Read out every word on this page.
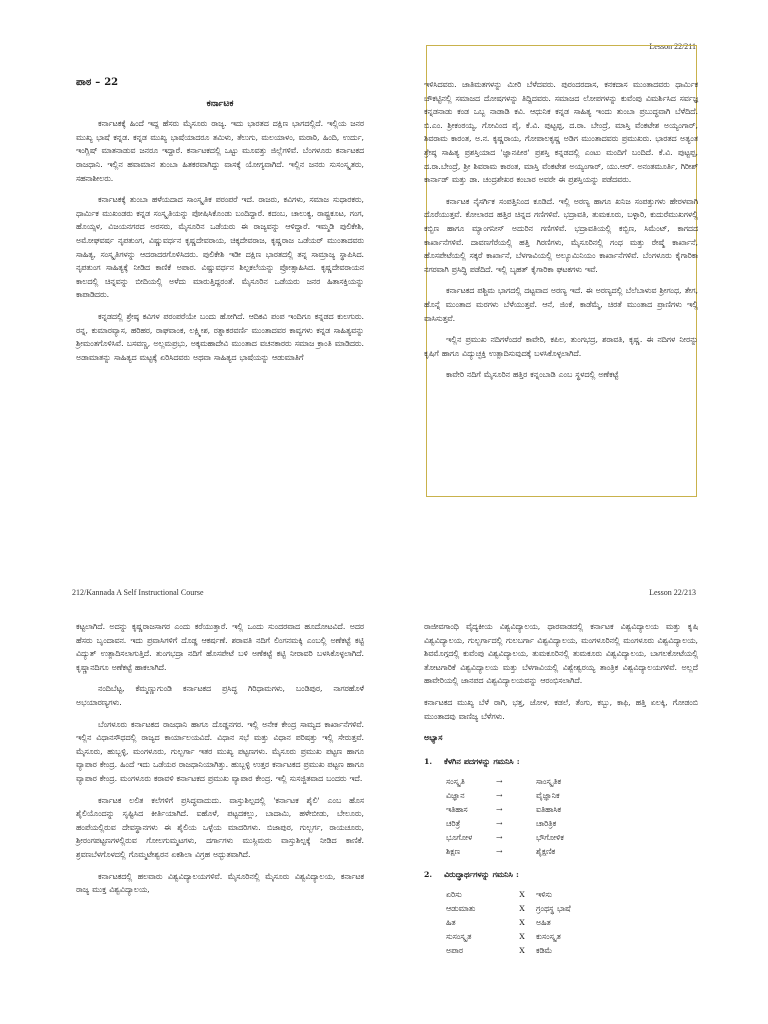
Lesson 22/211
212/Kannada A Self Instructional Course	Lesson 22/213
ಪಾಠ – 22
ಕರ್ನಾಟಕ

ಕರ್ನಾಟಕಕ್ಕೆ ಹಿಂದೆ ಇದ್ದ ಹೆಸರು ಮೈಸೂರು ರಾಜ್ಯ. ಇದು ಭಾರತದ ದಕ್ಷಿಣ ಭಾಗದಲ್ಲಿದೆ. ಇಲ್ಲಿಯ ಜನರ ಮುಖ್ಯ ಭಾಷೆ ಕನ್ನಡ. ಕನ್ನಡ ಮುಖ್ಯ ಭಾಷೆಯಾದರೂ ತಮಿಳು, ತೆಲುಗು, ಮಲಯಾಳಂ, ಮರಾಠಿ, ಹಿಂದಿ, ಉರ್ದು, ಇಂಗ್ಲಿಷ್ ಮಾತನಾಡುವ ಜನರೂ ಇದ್ದಾರೆ. ಕರ್ನಾಟಕದಲ್ಲಿ ಒಟ್ಟು ಮೂವತ್ತು ಜಿಲ್ಲೆಗಳಿವೆ. ಬೆಂಗಳೂರು ಕರ್ನಾಟಕದ ರಾಜಧಾನಿ. ಇಲ್ಲಿನ ಹವಾಮಾನ ತುಂಬಾ ಹಿತಕರವಾಗಿದ್ದು ವಾಸಕ್ಕೆ ಯೋಗ್ಯವಾಗಿದೆ. ಇಲ್ಲಿನ ಜನರು ಸುಸಂಸ್ಕೃತರು, ಸಹನಾಶೀಲರು.

ಕರ್ನಾಟಕಕ್ಕೆ ತುಂಬಾ ಹಳೆಯದಾದ ಸಾಂಸ್ಕೃತಿಕ ಪರಂಪರೆ ಇದೆ. ರಾಜರು, ಕವಿಗಳು, ಸಮಾಜ ಸುಧಾರಕರು, ಧಾರ್ಮಿಕ ಮುಖಂಡರು ಕನ್ನಡ ಸಂಸ್ಕೃತಿಯನ್ನು ಪೋಷಿಸಿಕೊಂಡು ಬಂದಿದ್ದಾರೆ. ಕದಂಬ, ಚಾಲುಕ್ಯ, ರಾಷ್ಟ್ರಕೂಟ, ಗಂಗ, ಹೊಯ್ಸಳ, ವಿಜಯನಗರದ ಅರಸರು, ಮೈಸೂರಿನ ಒಡೆಯರು ಈ ರಾಜ್ಯವನ್ನು ಆಳಿದ್ದಾರೆ. ಇಮ್ಮಡಿ ಪುಲಿಕೇಶಿ, ಅಮೋಘವರ್ಷ ನೃಪತುಂಗ, ವಿಷ್ಣುವರ್ಧನ ಕೃಷ್ಣದೇವರಾಯ, ಚಿಕ್ಕದೇವರಾಜ, ಕೃಷ್ಣರಾಜ ಒಡೆಯರ್ ಮುಂತಾದವರು ಸಾಹಿತ್ಯ, ಸಂಸ್ಕೃತಿಗಳನ್ನು ಆದರಾದರಗೊಳಿಸಿದರು. ಪುಲಿಕೇಶಿ ಇಡೀ ದಕ್ಷಿಣ ಭಾರತದಲ್ಲಿ ತನ್ನ ಸಾಮ್ರಾಜ್ಯ ಸ್ಥಾಪಿಸಿದ. ನೃಪತುಂಗ ಸಾಹಿತ್ಯಕ್ಕೆ ನೀಡಿದ ಕಾಣಿಕೆ ಅಪಾರ. ವಿಷ್ಣುವರ್ಧನ ಶಿಲ್ಪಕಲೆಯನ್ನು ಪ್ರೋತ್ಸಾಹಿಸಿದ. ಕೃಷ್ಣದೇವರಾಯನ ಕಾಲದಲ್ಲಿ ಚಿನ್ನವನ್ನು ಬೀದಿಯಲ್ಲಿ ಅಳೆದು ಮಾರುತ್ತಿದ್ದರಂತೆ. ಮೈಸೂರಿನ ಒಡೆಯರು ಜನರ ಹಿತಾಸಕ್ತಿಯನ್ನು ಕಾಪಾಡಿದರು.

ಕನ್ನಡದಲ್ಲಿ ಶ್ರೇಷ್ಠ ಕವಿಗಳ ಪರಂಪರೆಯೇ ಬಂದು ಹೋಗಿದೆ. ಆದಿಕವಿ ಪಂಪ ಇಂದಿಗೂ ಕನ್ನಡದ ಕುಲಗುರು. ರನ್ನ, ಕುಮಾರವ್ಯಾಸ, ಹರಿಹರ, ರಾಘವಾಂಕ, ಲಕ್ಷ್ಮೀಶ, ರತ್ನಾಕರವರ್ಣಿ ಮುಂತಾದವರ ಕಾವ್ಯಗಳು ಕನ್ನಡ ಸಾಹಿತ್ಯವನ್ನು ಶ್ರೀಮಂತಗೊಳಿಸಿವೆ. ಬಸವಣ್ಣ, ಅಲ್ಲಮಪ್ರಭು, ಅಕ್ಕಮಹಾದೇವಿ ಮುಂತಾದ ವಚನಕಾರರು ಸಮಾಜ ಕ್ರಾಂತಿ ಮಾಡಿದರು. ಅಡಾಮಾತನ್ನು ಸಾಹಿತ್ಯದ ಮಟ್ಟಕ್ಕೆ ಏರಿಸಿದವರು ಅಥವಾ ಸಾಹಿತ್ಯದ ಭಾಷೆಯನ್ನು ಆಡುಮಾತಿಗೆ

ಇಳಿಸಿದವರು. ಜಾತಿಮತಗಳನ್ನು ಮೀರಿ ಬೆಳೆದವರು. ಪುರಂದರದಾಸ, ಕನಕದಾಸ ಮುಂತಾದವರು ಧಾರ್ಮಿಕ ಚೌಕಟ್ಟಿನಲ್ಲಿ ಸಮಾಜದ ದೋಷಗಳನ್ನು ತಿದ್ದಿದವರು. ಸಮಾಜದ ಲೋಪಗಳನ್ನು ಕುವೆಂಪು ವಿಮರ್ಶಿಸಿದ ಸರ್ವಜ್ಞ ಕನ್ನಡನಾಡು ಕಂಡ ಒಬ್ಬ ನಾಡಾಡಿ ಕವಿ. ಆಧುನಿಕ ಕನ್ನಡ ಸಾಹಿತ್ಯ ಇಂದು ತುಂಬಾ ಪ್ರಬುದ್ಧವಾಗಿ ಬೆಳೆದಿದೆ. ಬಿ.ಎಂ. ಶ್ರೀಕಂಠಯ್ಯ, ಗೋವಿಂದ ಪೈ, ಕೆ.ವಿ. ಪುಟ್ಟಪ್ಪ, ದ.ರಾ. ಬೇಂದ್ರೆ, ಮಾಸ್ತಿ ವೆಂಕಟೇಶ ಅಯ್ಯಂಗಾರ್, ಶಿವರಾಮ ಕಾರಂತ, ಅ.ನ. ಕೃಷ್ಣರಾಯ, ಗೋಪಾಲಕೃಷ್ಣ ಅಡಿಗ ಮುಂತಾದವರು ಪ್ರಮುಖರು. ಭಾರತದ ಅತ್ಯಂತ ಶ್ರೇಷ್ಠ ಸಾಹಿತ್ಯ ಪ್ರಶಸ್ತಿಯಾದ 'ಜ್ಞಾನಪೀಠ' ಪ್ರಶಸ್ತಿ ಕನ್ನಡದಲ್ಲಿ ಎಂಟು ಮಂದಿಗೆ ಬಂದಿದೆ. ಕೆ.ವಿ. ಪುಟ್ಟಪ್ಪ, ದ.ರಾ.ಬೇಂದ್ರೆ, ಶ್ರೀ ಶಿವರಾಮ ಕಾರಂತ, ಮಾಸ್ತಿ ವೆಂಕಟೇಶ ಅಯ್ಯಂಗಾರ್, ಯು.ಆರ್. ಅನಂತಮೂರ್ತಿ, ಗಿರೀಶ್ ಕಾರ್ನಾಡ್ ಮತ್ತು ಡಾ. ಚಂದ್ರಶೇಖರ ಕಂಬಾರ ಅವರೇ ಈ ಪ್ರಶಸ್ತಿಯನ್ನು ಪಡೆದವರು.

ಕರ್ನಾಟಕ ನೈಸರ್ಗಿಕ ಸಂಪತ್ತಿನಿಂದ ಕೂಡಿದೆ. ಇಲ್ಲಿ ಅರಣ್ಯ ಹಾಗೂ ಖನಿಜ ಸಂಪತ್ತುಗಳು ಹೇರಳವಾಗಿ ದೊರೆಯುತ್ತವೆ. ಕೋಲಾರದ ಹತ್ತಿರ ಚಿನ್ನದ ಗಣಿಗಳಿವೆ. ಭದ್ರಾವತಿ, ತುಮಕೂರು, ಬಳ್ಳಾರಿ, ಕುದುರೆಮುಖಗಳಲ್ಲಿ ಕಬ್ಬಿಣ ಹಾಗೂ ಮ್ಯಾಂಗನೀಸ್ ಅದುರಿನ ಗಣಿಗಳಿವೆ. ಭದ್ರಾವತಿಯಲ್ಲಿ ಕಬ್ಬಿಣ, ಸಿಮೆಂಟ್, ಕಾಗದದ ಕಾರ್ಖಾನೆಗಳಿವೆ. ದಾವಣಗೆರೆಯಲ್ಲಿ ಹತ್ತಿ ಗಿರಣಿಗಳು, ಮೈಸೂರಿನಲ್ಲಿ ಗಂಧ ಮತ್ತು ರೇಷ್ಮೆ ಕಾರ್ಖಾನೆ, ಹೊಸಪೇಟೆಯಲ್ಲಿ ಸಕ್ಕರೆ ಕಾರ್ಖಾನೆ, ಬೆಳಗಾವಿಯಲ್ಲಿ ಅಲ್ಯೂಮಿನಿಯಂ ಕಾರ್ಖಾನೆಗಳಿವೆ. ಬೆಂಗಳೂರು ಕೈಗಾರಿಕಾ ನಗರವಾಗಿ ಪ್ರಸಿದ್ಧಿ ಪಡೆದಿದೆ. ಇಲ್ಲಿ ಬೃಹತ್ ಕೈಗಾರಿಕಾ ಘಟಕಗಳು ಇವೆ.

ಕರ್ನಾಟಕದ ಪಶ್ಚಿಮ ಭಾಗದಲ್ಲಿ ದಟ್ಟವಾದ ಅರಣ್ಯ ಇದೆ. ಈ ಅರಣ್ಯದಲ್ಲಿ ಬೆಲೆಬಾಳುವ ಶ್ರೀಗಂಧ, ತೇಗ, ಹೊನ್ನೆ ಮುಂತಾದ ಮರಗಳು ಬೆಳೆಯುತ್ತವೆ. ಆನೆ, ಜಿಂಕೆ, ಕಾಡೆಮ್ಮೆ, ಚಿರತೆ ಮುಂತಾದ ಪ್ರಾಣಿಗಳು ಇಲ್ಲಿ ವಾಸಿಸುತ್ತವೆ.

ಇಲ್ಲಿನ ಪ್ರಮುಖ ನದಿಗಳೆಂದರೆ ಕಾವೇರಿ, ಕಪಿಲ, ತುಂಗಭದ್ರ, ಶರಾವತಿ, ಕೃಷ್ಣ. ಈ ನದಿಗಳ ನೀರನ್ನು ಕೃಷಿಗೆ ಹಾಗೂ ವಿದ್ಯುಚ್ಛಕ್ತಿ ಉತ್ಪಾದಿಸುವುದಕ್ಕೆ ಬಳಸಿಕೊಳ್ಳಲಾಗಿದೆ.

ಕಾವೇರಿ ನದಿಗೆ ಮೈಸೂರಿನ ಹತ್ತಿರ ಕನ್ನಂಬಾಡಿ ಎಂಬ ಸ್ಥಳದಲ್ಲಿ ಅಣೆಕಟ್ಟೆ

ಕಟ್ಟಲಾಗಿದೆ. ಅದನ್ನು ಕೃಷ್ಣರಾಜಸಾಗರ ಎಂದು ಕರೆಯುತ್ತಾರೆ. ಇಲ್ಲಿ ಒಂದು ಸುಂದರವಾದ ಹೂದೋಟವಿದೆ. ಅದರ ಹೆಸರು ಬೃಂದಾವನ. ಇದು ಪ್ರವಾಸಿಗಳಿಗೆ ದೊಡ್ಡ ಆಕರ್ಷಣೆ. ಶರಾವತಿ ನದಿಗೆ ಲಿಂಗನಮಕ್ಕಿ ಎಂಬಲ್ಲಿ ಅಣೆಕಟ್ಟೆ ಕಟ್ಟಿ ವಿದ್ಯುತ್ ಉತ್ಪಾದಿಸಲಾಗುತ್ತಿದೆ. ತುಂಗಭದ್ರಾ ನದಿಗೆ ಹೊಸಪೇಟೆ ಬಳಿ ಅಣೆಕಟ್ಟೆ ಕಟ್ಟಿ ನೀರಾವರಿ ಬಳಸಿಕೊಳ್ಳಲಾಗಿದೆ. ಕೃಷ್ಣಾನದಿಗೂ ಅಣೆಕಟ್ಟೆ ಹಾಕಲಾಗಿದೆ.

ನಂದಿಬೆಟ್ಟ, ಕೆಮ್ಮಣ್ಣುಗುಂಡಿ ಕರ್ನಾಟಕದ ಪ್ರಸಿದ್ಧ ಗಿರಿಧಾಮಗಳು, ಬಂಡಿಪುರ, ನಾಗರಹೊಳೆ ಅಭಯಾರಣ್ಯಗಳು.

ಬೆಂಗಳೂರು ಕರ್ನಾಟಕದ ರಾಜಧಾನಿ ಹಾಗೂ ದೊಡ್ಡನಗರ. ಇಲ್ಲಿ ಅನೇಕ ಕೇಂದ್ರ ಸಾಮ್ಯದ ಕಾರ್ಖಾನೆಗಳಿವೆ. ಇಲ್ಲಿನ ವಿಧಾನಸೌಧದಲ್ಲಿ ರಾಜ್ಯದ ಕಾರ್ಯಾಲಯವಿದೆ. ವಿಧಾನ ಸಭೆ ಮತ್ತು ವಿಧಾನ ಪರಿಷತ್ತು ಇಲ್ಲಿ ಸೇರುತ್ತವೆ. ಮೈಸೂರು, ಹುಬ್ಬಳ್ಳಿ, ಮಂಗಳೂರು, ಗುಲ್ಬರ್ಗಾ ಇತರ ಮುಖ್ಯ ಪಟ್ಟಣಗಳು. ಮೈಸೂರು ಪ್ರಮುಖ ಪಟ್ಟಣ ಹಾಗೂ ವ್ಯಾಪಾರ ಕೇಂದ್ರ. ಹಿಂದೆ ಇದು ಒಡೆಯರ ರಾಜಧಾನಿಯಾಗಿತ್ತು. ಹುಬ್ಬಳ್ಳಿ ಉತ್ತರ ಕರ್ನಾಟಕದ ಪ್ರಮುಖ ಪಟ್ಟಣ ಹಾಗೂ ವ್ಯಾಪಾರ ಕೇಂದ್ರ. ಮಂಗಳೂರು ಕರಾವಳಿ ಕರ್ನಾಟಕದ ಪ್ರಮುಖ ವ್ಯಾಪಾರ ಕೇಂದ್ರ. ಇಲ್ಲಿ ಸುಸಜ್ಜಿತವಾದ ಬಂದರು ಇದೆ.

ಕರ್ನಾಟಕ ಲಲಿತ ಕಲೆಗಳಿಗೆ ಪ್ರಸಿದ್ಧವಾದುದು. ವಾಸ್ತುಶಿಲ್ಪದಲ್ಲಿ 'ಕರ್ನಾಟಕ ಶೈಲಿ' ಎಂಬ ಹೊಸ ಶೈಲಿಯೊಂದನ್ನು ಸೃಷ್ಟಿಸಿದ ಕೀರ್ತಿಯಾಗಿದೆ. ಐಹೊಳೆ, ಪಟ್ಟದಕಲ್ಲು, ಬಾದಾಮಿ, ಹಳೇಬೀಡು, ಬೇಲೂರು, ಹಂಪೆಯಲ್ಲಿರುವ ದೇವಸ್ಥಾನಗಳು ಈ ಶೈಲಿಯ ಒಳ್ಳೆಯ ಮಾದರಿಗಳು. ಬಿಜಾಪುರ, ಗುಲ್ಬರ್ಗ, ರಾಯಚೂರು, ಶ್ರೀರಂಗಪಟ್ಟಣಗಳಲ್ಲಿರುವ ಗೋಲಗುಮ್ಮಟಗಳು, ದರ್ಗಾಗಳು ಮುಸ್ಲಿಮರು ವಾಸ್ತುಶಿಲ್ಪಕ್ಕೆ ನೀಡಿದ ಕಾಣಿಕೆ. ಶ್ರವಣಬೆಳಗೊಳದಲ್ಲಿ ಗೊಮ್ಮಟೇಶ್ವರನ ಏಕಶಿಲಾ ವಿಗ್ರಹ ಅದ್ಭುತವಾಗಿದೆ.

ಕರ್ನಾಟಕದಲ್ಲಿ ಹಲವಾರು ವಿಶ್ವವಿದ್ಯಾಲಯಗಳಿವೆ. ಮೈಸೂರಿನಲ್ಲಿ ಮೈಸೂರು ವಿಶ್ವವಿದ್ಯಾಲಯ, ಕರ್ನಾಟಕ ರಾಜ್ಯ ಮುಕ್ತ ವಿಶ್ವವಿದ್ಯಾಲಯ,

ರಾಜೀವಗಾಂಧಿ ವೈದ್ಯಕೀಯ ವಿಶ್ವವಿದ್ಯಾಲಯ, ಧಾರವಾಡದಲ್ಲಿ ಕರ್ನಾಟಕ ವಿಶ್ವವಿದ್ಯಾಲಯ ಮತ್ತು ಕೃಷಿ ವಿಶ್ವವಿದ್ಯಾಲಯ, ಗುಲ್ಬರ್ಗಾದಲ್ಲಿ ಗುಲಬರ್ಗಾ ವಿಶ್ವವಿದ್ಯಾಲಯ, ಮಂಗಳೂರಿನಲ್ಲಿ ಮಂಗಳೂರು ವಿಶ್ವವಿದ್ಯಾಲಯ, ಶಿವಮೊಗ್ಗದಲ್ಲಿ ಕುವೆಂಪು ವಿಶ್ವವಿದ್ಯಾಲಯ, ತುಮಕೂರಿನಲ್ಲಿ ತುಮಕೂರು ವಿಶ್ವವಿದ್ಯಾಲಯ, ಬಾಗಲಕೋಟೆಯಲ್ಲಿ ತೋಟಗಾರಿಕೆ ವಿಶ್ವವಿದ್ಯಾಲಯ ಮತ್ತು ಬೆಳಗಾವಿಯಲ್ಲಿ ವಿಶ್ವೇಶ್ವರಯ್ಯ ತಾಂತ್ರಿಕ ವಿಶ್ವವಿದ್ಯಾಲಯಗಳಿವೆ. ಅಲ್ಲದೆ ಹಾವೇರಿಯಲ್ಲಿ ಜಾನಪದ ವಿಶ್ವವಿದ್ಯಾಲಯವನ್ನು ಆರಂಭಿಸಲಾಗಿದೆ.

ಕರ್ನಾಟಕದ ಮುಖ್ಯ ಬೆಳೆ ರಾಗಿ, ಭತ್ತ, ಜೋಳ, ಕಡಲೆ, ತೆಂಗು, ಕಬ್ಬು, ಕಾಫಿ, ಹತ್ತಿ ಏಲಕ್ಕಿ, ಗೋಡಂಬಿ ಮುಂತಾದವು ವಾಣಿಜ್ಯ ಬೆಳೆಗಳು.

ಅಭ್ಯಾಸ
1. ಕೆಳಗಿನ ಪದಗಳನ್ನು ಗಮನಿಸಿ :
ಸಂಸ್ಕೃತಿ	→	ಸಾಂಸ್ಕೃತಿಕ
ವಿಜ್ಞಾನ	→	ವೈಜ್ಞಾನಿಕ
ಇತಿಹಾಸ	→	ಐತಿಹಾಸಿಕ
ಚರಿತ್ರೆ	→	ಚಾರಿತ್ರಿಕ
ಭೂಗೋಳ	→	ಭೌಗೋಳಿಕ
ಶಿಕ್ಷಣ	→	ಶೈಕ್ಷಣಿಕ
2. ವಿರುದ್ಧಾರ್ಥಗಳನ್ನು ಗಮನಿಸಿ :
ಏರಿಸು	X	ಇಳಿಸು
ಆಡುಮಾತು	X	ಗ್ರಂಥಸ್ಥ ಭಾಷೆ
ಹಿತ	X	ಅಹಿತ
ಸುಸಂಸ್ಕೃತ	X	ಕುಸಂಸ್ಕೃತ
ಅಪಾರ	X	ಕಡಿಮೆ
